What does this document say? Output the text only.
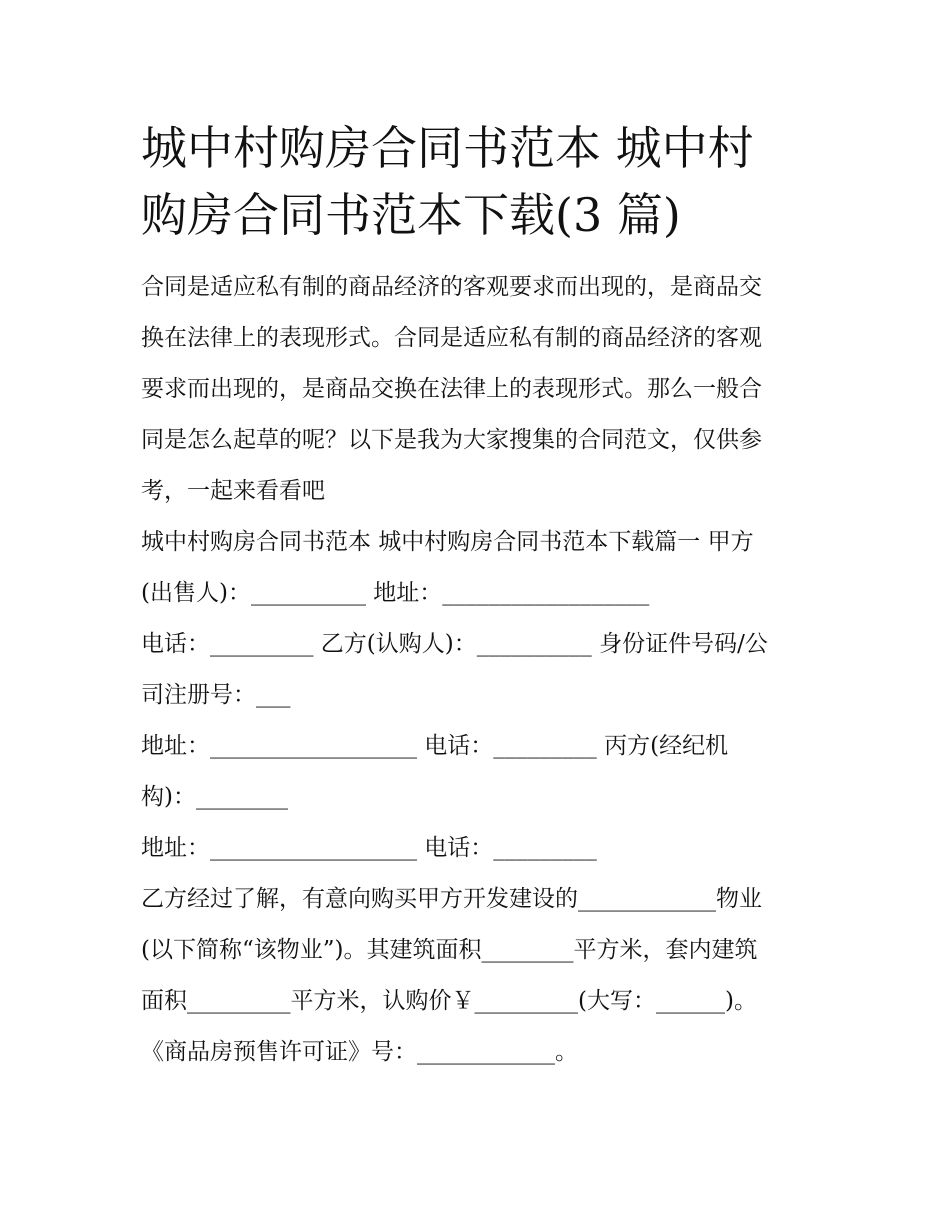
城中村购房合同书范本 城中村
购房合同书范本下载(3 篇)

合同是适应私有制的商品经济的客观要求而出现的，是商品交

换在法律上的表现形式。合同是适应私有制的商品经济的客观

要求而出现的，是商品交换在法律上的表现形式。那么一般合

同是怎么起草的呢？以下是我为大家搜集的合同范文，仅供参

考，一起来看看吧

城中村购房合同书范本 城中村购房合同书范本下载篇一 甲方

(出售人)：__________ 地址：__________________

电话：_________ 乙方(认购人)：__________ 身份证件号码/公

司注册号：___

地址：__________________ 电话：_________ 丙方(经纪机

构)：________

地址：__________________ 电话：_________

乙方经过了解，有意向购买甲方开发建设的____________物业

(以下简称“该物业”)。其建筑面积________平方米，套内建筑

面积_________平方米，认购价￥_________(大写：______)。

《商品房预售许可证》号：____________。
